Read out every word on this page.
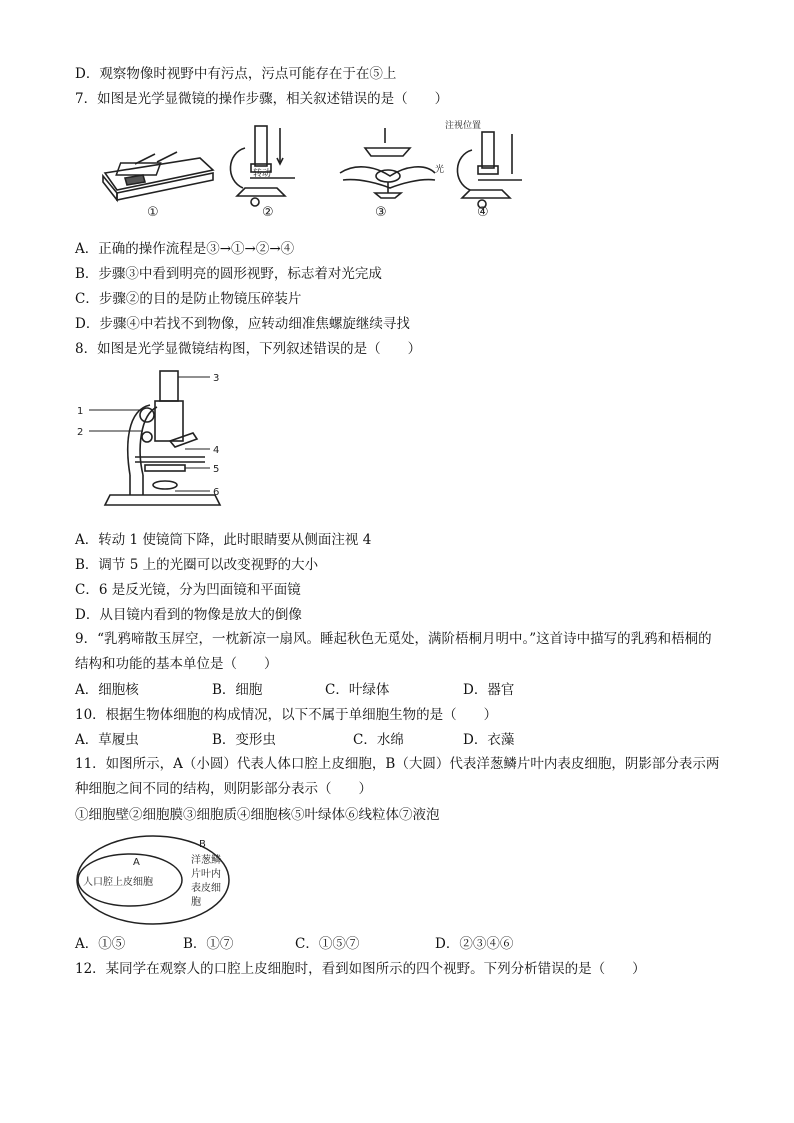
D．观察物像时视野中有污点，污点可能存在于在⑤上
7．如图是光学显微镜的操作步骤，相关叙述错误的是（　　）
转动	光
注视位置
①	②	③	④
A．正确的操作流程是③→①→②→④
B．步骤③中看到明亮的圆形视野，标志着对光完成
C．步骤②的目的是防止物镜压碎装片
D．步骤④中若找不到物像，应转动细准焦螺旋继续寻找
8．如图是光学显微镜结构图，下列叙述错误的是（　　）
1
2
3
4
5
6
A．转动 1 使镜筒下降，此时眼睛要从侧面注视 4
B．调节 5 上的光圈可以改变视野的大小
C．6 是反光镜，分为凹面镜和平面镜
D．从目镜内看到的物像是放大的倒像
9．“乳鸦啼散玉屏空，一枕新凉一扇风。睡起秋色无觅处，满阶梧桐月明中。”这首诗中描写的乳鸦和梧桐的结构和功能的基本单位是（　　）
A．细胞核	B．细胞	C．叶绿体	D．器官
10．根据生物体细胞的构成情况，以下不属于单细胞生物的是（　　）
A．草履虫	B．变形虫	C．水绵	D．衣藻
11．如图所示，A（小圆）代表人体口腔上皮细胞，B（大圆）代表洋葱鳞片叶内表皮细胞，阴影部分表示两种细胞之间不同的结构，则阴影部分表示（　　）
①细胞壁②细胞膜③细胞质④细胞核⑤叶绿体⑥线粒体⑦液泡
A
B
人口腔上皮细胞
洋葱鳞
片叶内
表皮细
胞
A．①⑤	B．①⑦	C．①⑤⑦	D．②③④⑥
12．某同学在观察人的口腔上皮细胞时，看到如图所示的四个视野。下列分析错误的是（　　）
